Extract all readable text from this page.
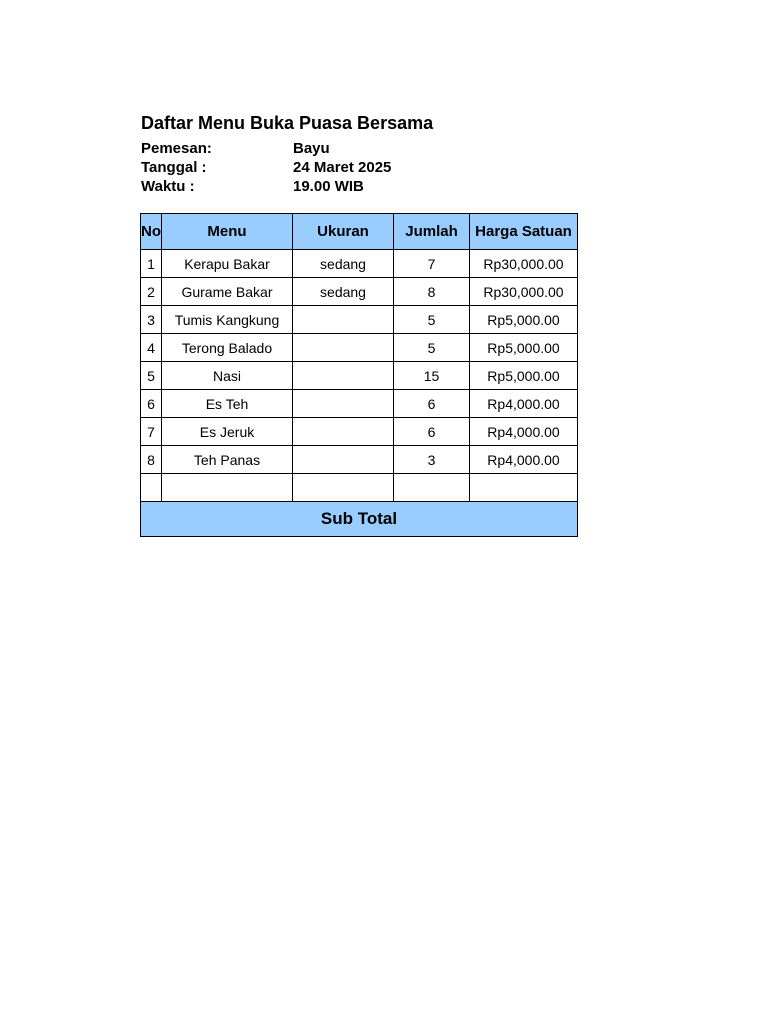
Daftar Menu Buka Puasa Bersama
Pemesan:	Bayu
Tanggal :	24 Maret 2025
Waktu :	19.00 WIB
No	Menu	Ukuran	Jumlah	Harga Satuan
1	Kerapu Bakar	sedang	7	Rp30,000.00
2	Gurame Bakar	sedang	8	Rp30,000.00
3	Tumis Kangkung		5	Rp5,000.00
4	Terong Balado		5	Rp5,000.00
5	Nasi		15	Rp5,000.00
6	Es Teh		6	Rp4,000.00
7	Es Jeruk		6	Rp4,000.00
8	Teh Panas		3	Rp4,000.00

Sub Total				
